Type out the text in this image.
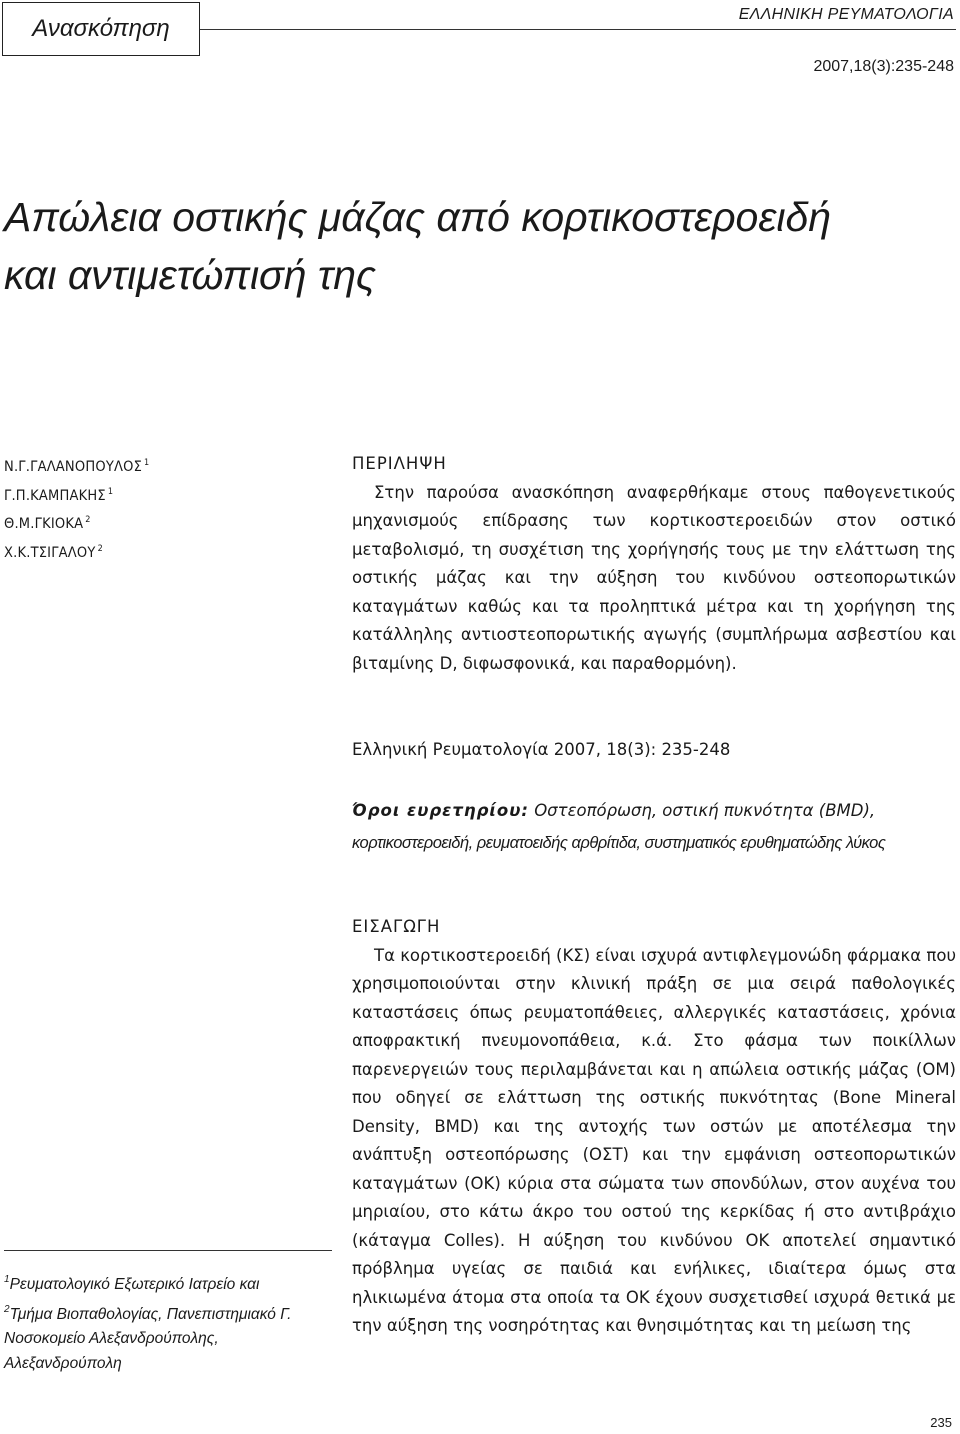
Ανασκόπηση
ΕΛΛΗΝΙΚΗ ΡΕΥΜΑΤΟΛΟΓΙΑ
2007,18(3):235-248
Απώλεια οστικής μάζας από κορτικοστεροειδή
και αντιμετώπισή της
Ν.Γ.ΓΑΛΑΝΟΠΟΥΛΟΣ $^1$
Γ.Π.ΚΑΜΠΑΚΗΣ $^1$
Θ.Μ.ΓΚΙΟΚΑ $^2$
Χ.Κ.ΤΣΙΓΑΛΟΥ $^2$
ΠΕΡΙΛΗΨΗ

Στην παρούσα ανασκόπηση αναφερθήκαμε στους παθογενετικούς μηχανισμούς επίδρασης των κορτικοστεροειδών στον οστικό μεταβολισμό, τη συσχέτιση της χορήγησής τους με την ελάττωση της οστικής μάζας και την αύξηση του κινδύνου οστεοπορωτικών καταγμάτων καθώς και τα προληπτικά μέτρα και τη χορήγηση της κατάλληλης αντιοστεοπορωτικής αγωγής (συμπλήρωμα ασβεστίου και βιταμίνης D, διφωσφονικά, και παραθορμόνη).

Ελληνική Ρευματολογία 2007, 18(3): 235-248
Όροι ευρετηρίου: Οστεοπόρωση, οστική πυκνότητα (BMD),
κορτικοστεροειδή, ρευματοειδής αρθρίτιδα, συστηματικός ερυθηματώδης λύκος
ΕΙΣΑΓΩΓΗ

Τα κορτικοστεροειδή (ΚΣ) είναι ισχυρά αντιφλεγμονώδη φάρμακα που χρησιμοποιούνται στην κλινική πράξη σε μια σειρά παθολογικές καταστάσεις όπως ρευματοπάθειες, αλλεργικές καταστάσεις, χρόνια αποφρακτική πνευμονοπάθεια, κ.ά. Στο φάσμα των ποικίλλων παρενεργειών τους περιλαμβάνεται και η απώλεια οστικής μάζας (ΟΜ) που οδηγεί σε ελάττωση της οστικής πυκνότητας (Bone Mineral Density, BMD) και της αντοχής των οστών με αποτέλεσμα την ανάπτυξη οστεοπόρωσης (ΟΣΤ) και την εμφάνιση οστεοπορωτικών καταγμάτων (ΟΚ) κύρια στα σώματα των σπονδύλων, στον αυχένα του μηριαίου, στο κάτω άκρο του οστού της κερκίδας ή στο αντιβράχιο (κάταγμα Colles). Η αύξηση του κινδύνου ΟΚ αποτελεί σημαντικό πρόβλημα υγείας σε παιδιά και ενήλικες, ιδιαίτερα όμως στα ηλικιωμένα άτομα στα οποία τα ΟΚ έχουν συσχετισθεί ισχυρά θετικά με την αύξηση της νοσηρότητας και θνησιμότητας και τη μείωση της

$^1$Ρευματολογικό Εξωτερικό Ιατρείο και
$^2$Τμήμα Βιοπαθολογίας, Πανεπιστημιακό Γ. Νοσοκομείο Αλεξανδρούπολης, Αλεξανδρούπολη
235
